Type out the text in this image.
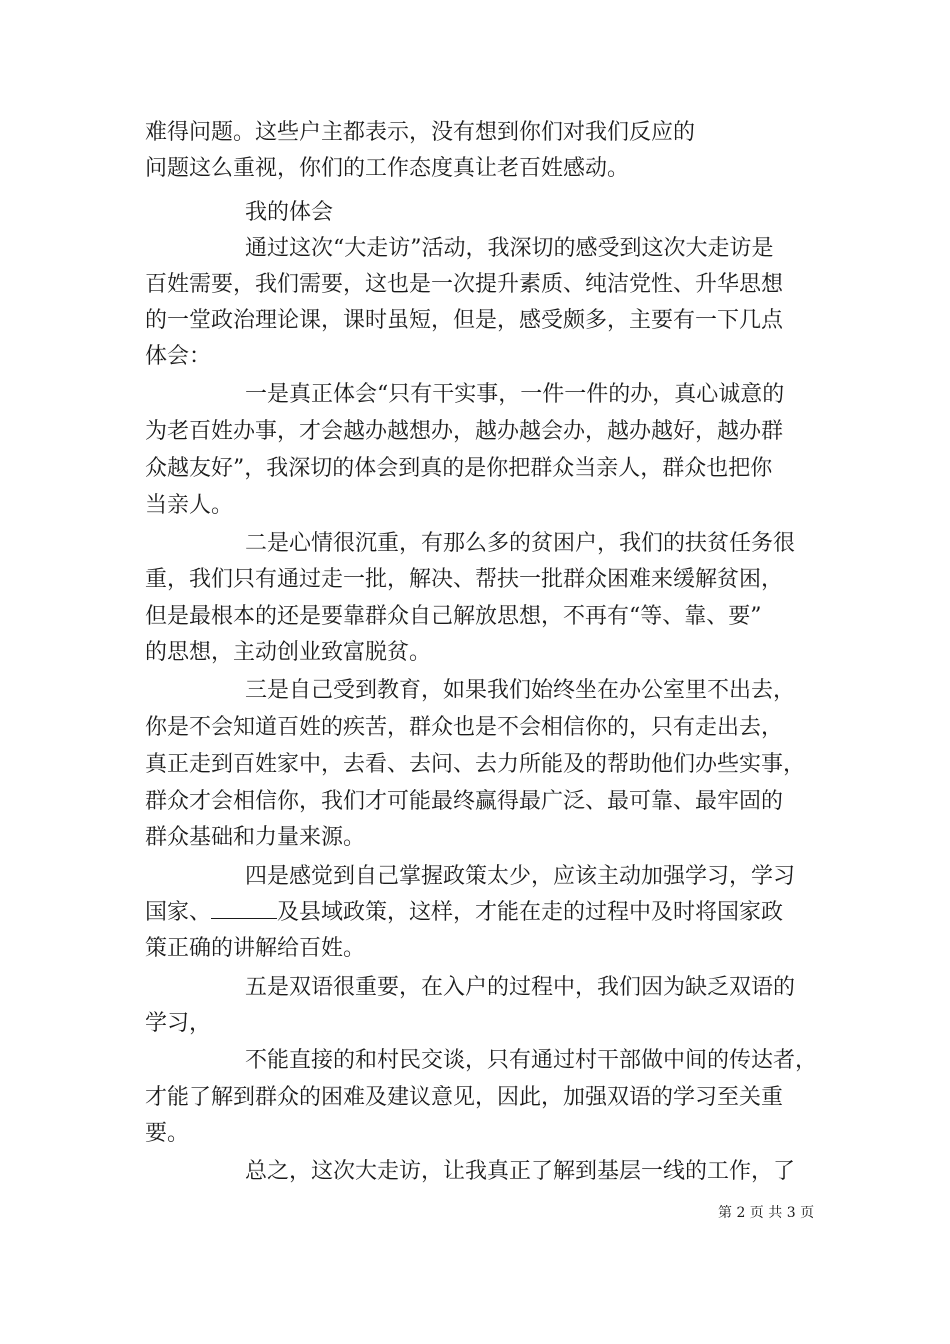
难得问题。这些户主都表示，没有想到你们对我们反应的
问题这么重视，你们的工作态度真让老百姓感动。
我的体会
通过这次“大走访”活动，我深切的感受到这次大走访是
百姓需要，我们需要，这也是一次提升素质、纯洁党性、升华思想
的一堂政治理论课，课时虽短，但是，感受颇多，主要有一下几点
体会：
一是真正体会“只有干实事，一件一件的办，真心诚意的
为老百姓办事，才会越办越想办，越办越会办，越办越好，越办群
众越友好”，我深切的体会到真的是你把群众当亲人，群众也把你
当亲人。
二是心情很沉重，有那么多的贫困户，我们的扶贫任务很
重，我们只有通过走一批，解决、帮扶一批群众困难来缓解贫困，
但是最根本的还是要靠群众自己解放思想，不再有“等、靠、要”
的思想，主动创业致富脱贫。
三是自己受到教育，如果我们始终坐在办公室里不出去，
你是不会知道百姓的疾苦，群众也是不会相信你的，只有走出去，
真正走到百姓家中，去看、去问、去力所能及的帮助他们办些实事，
群众才会相信你，我们才可能最终赢得最广泛、最可靠、最牢固的
群众基础和力量来源。
四是感觉到自己掌握政策太少，应该主动加强学习，学习
国家、	及县域政策，这样，才能在走的过程中及时将国家政
策正确的讲解给百姓。
五是双语很重要，在入户的过程中，我们因为缺乏双语的
学习，
不能直接的和村民交谈，只有通过村干部做中间的传达者，
才能了解到群众的困难及建议意见，因此，加强双语的学习至关重
要。
总之，这次大走访，让我真正了解到基层一线的工作，了
第 2 页 共 3 页
